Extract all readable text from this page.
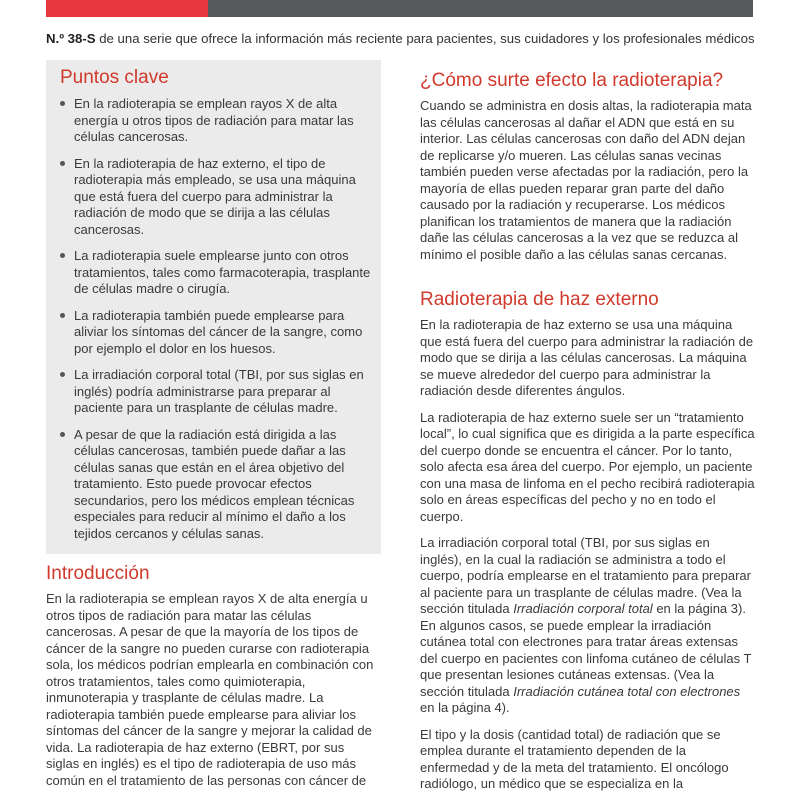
N.º 38-S de una serie que ofrece la información más reciente para pacientes, sus cuidadores y los profesionales médicos
Puntos clave
En la radioterapia se emplean rayos X de alta energía u otros tipos de radiación para matar las células cancerosas.
En la radioterapia de haz externo, el tipo de radioterapia más empleado, se usa una máquina que está fuera del cuerpo para administrar la radiación de modo que se dirija a las células cancerosas.
La radioterapia suele emplearse junto con otros tratamientos, tales como farmacoterapia, trasplante de células madre o cirugía.
La radioterapia también puede emplearse para aliviar los síntomas del cáncer de la sangre, como por ejemplo el dolor en los huesos.
La irradiación corporal total (TBI, por sus siglas en inglés) podría administrarse para preparar al paciente para un trasplante de células madre.
A pesar de que la radiación está dirigida a las células cancerosas, también puede dañar a las células sanas que están en el área objetivo del tratamiento. Esto puede provocar efectos secundarios, pero los médicos emplean técnicas especiales para reducir al mínimo el daño a los tejidos cercanos y células sanas.
Introducción

En la radioterapia se emplean rayos X de alta energía u otros tipos de radiación para matar las células cancerosas. A pesar de que la mayoría de los tipos de cáncer de la sangre no pueden curarse con radioterapia sola, los médicos podrían emplearla en combinación con otros tratamientos, tales como quimioterapia, inmunoterapia y trasplante de células madre. La radioterapia también puede emplearse para aliviar los síntomas del cáncer de la sangre y mejorar la calidad de vida. La radioterapia de haz externo (EBRT, por sus siglas en inglés) es el tipo de radioterapia de uso más común en el tratamiento de las personas con cáncer de

¿Cómo surte efecto la radioterapia?

Cuando se administra en dosis altas, la radioterapia mata las células cancerosas al dañar el ADN que está en su interior. Las células cancerosas con daño del ADN dejan de replicarse y/o mueren. Las células sanas vecinas también pueden verse afectadas por la radiación, pero la mayoría de ellas pueden reparar gran parte del daño causado por la radiación y recuperarse. Los médicos planifican los tratamientos de manera que la radiación dañe las células cancerosas a la vez que se reduzca al mínimo el posible daño a las células sanas cercanas.

Radioterapia de haz externo

En la radioterapia de haz externo se usa una máquina que está fuera del cuerpo para administrar la radiación de modo que se dirija a las células cancerosas. La máquina se mueve alrededor del cuerpo para administrar la radiación desde diferentes ángulos.

La radioterapia de haz externo suele ser un “tratamiento local”, lo cual significa que es dirigida a la parte específica del cuerpo donde se encuentra el cáncer. Por lo tanto, solo afecta esa área del cuerpo. Por ejemplo, un paciente con una masa de linfoma en el pecho recibirá radioterapia solo en áreas específicas del pecho y no en todo el cuerpo.

La irradiación corporal total (TBI, por sus siglas en inglés), en la cual la radiación se administra a todo el cuerpo, podría emplearse en el tratamiento para preparar al paciente para un trasplante de células madre. (Vea la sección titulada Irradiación corporal total en la página 3). En algunos casos, se puede emplear la irradiación cutánea total con electrones para tratar áreas extensas del cuerpo en pacientes con linfoma cutáneo de células T que presentan lesiones cutáneas extensas. (Vea la sección titulada Irradiación cutánea total con electrones en la página 4).

El tipo y la dosis (cantidad total) de radiación que se emplea durante el tratamiento dependen de la enfermedad y de la meta del tratamiento. El oncólogo radiólogo, un médico que se especializa en la
